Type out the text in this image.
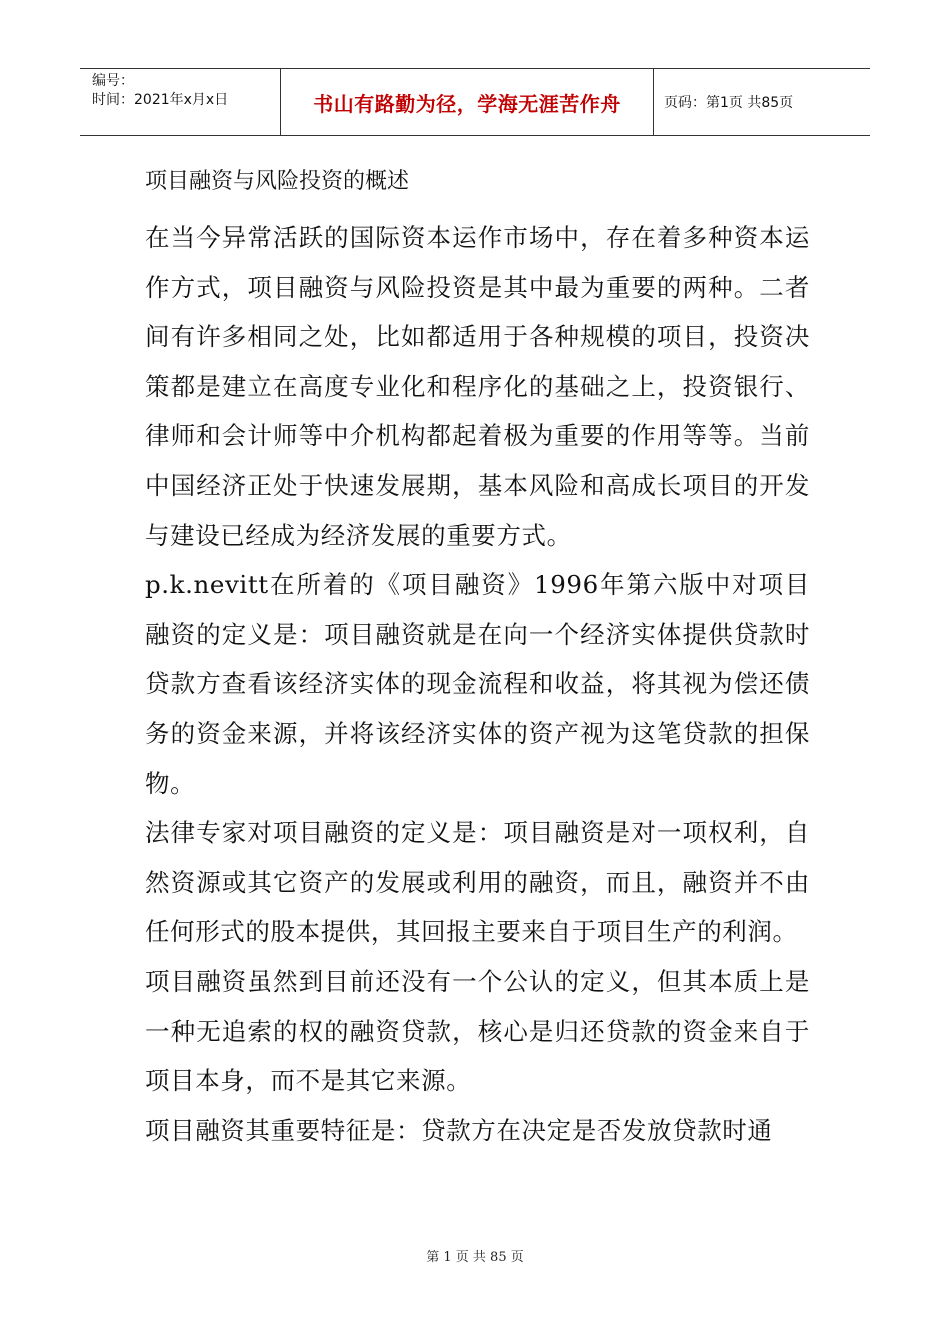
编号：
时间：2021年x月x日	书山有路勤为径，学海无涯苦作舟	页码：第1页 共85页
项目融资与风险投资的概述

在当今异常活跃的国际资本运作市场中，存在着多种资本运作方式，项目融资与风险投资是其中最为重要的两种。二者间有许多相同之处，比如都适用于各种规模的项目，投资决策都是建立在高度专业化和程序化的基础之上，投资银行、律师和会计师等中介机构都起着极为重要的作用等等。当前中国经济正处于快速发展期，基本风险和高成长项目的开发与建设已经成为经济发展的重要方式。

p.k.nevitt在所着的《项目融资》1996年第六版中对项目融资的定义是：项目融资就是在向一个经济实体提供贷款时贷款方查看该经济实体的现金流程和收益，将其视为偿还债务的资金来源，并将该经济实体的资产视为这笔贷款的担保物。

法律专家对项目融资的定义是：项目融资是对一项权利，自然资源或其它资产的发展或利用的融资，而且，融资并不由任何形式的股本提供，其回报主要来自于项目生产的利润。

项目融资虽然到目前还没有一个公认的定义，但其本质上是一种无追索的权的融资贷款，核心是归还贷款的资金来自于项目本身，而不是其它来源。

项目融资其重要特征是：贷款方在决定是否发放贷款时通

第 1 页 共 85 页
